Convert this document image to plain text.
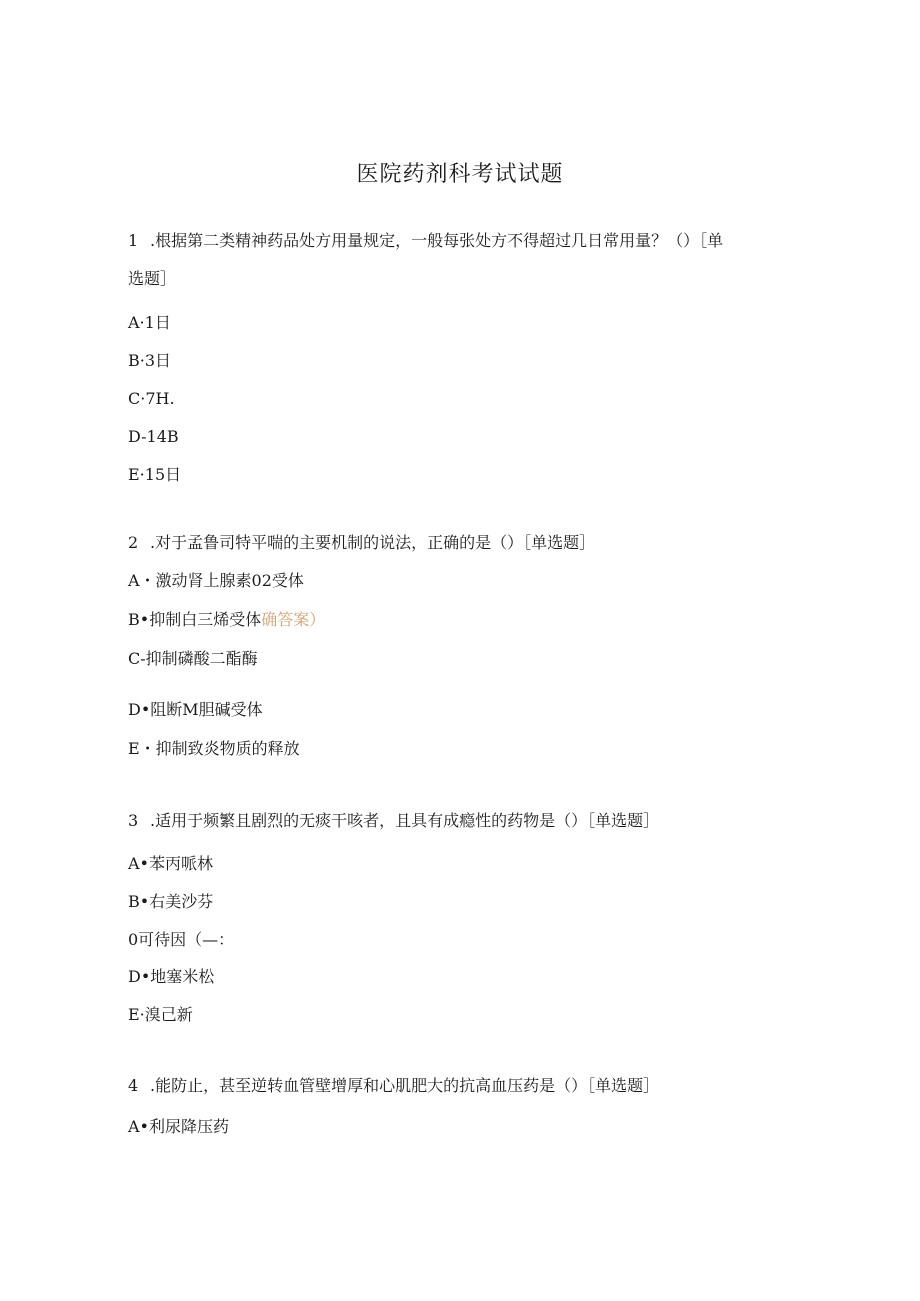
医院药剂科考试试题
1 .根据第二类精神药品处方用量规定，一般每张处方不得超过几日常用量？（）［单
选题］
A·1日
B·3日
C·7H.
D-14B
E·15日
2 .对于孟鲁司特平喘的主要机制的说法，正确的是（）［单选题］
A・激动肾上腺素02受体
B•抑制白三烯受体确答案）
C-抑制磷酸二酯酶
D•阻断M胆碱受体
E・抑制致炎物质的释放
3 .适用于频繁且剧烈的无痰干咳者，且具有成瘾性的药物是（）［单选题］
A•苯丙哌林
B•右美沙芬
0可待因（—：
D•地塞米松
E·溴己新
4 .能防止，甚至逆转血管壁增厚和心肌肥大的抗高血压药是（）［单选题］
A•利尿降压药
